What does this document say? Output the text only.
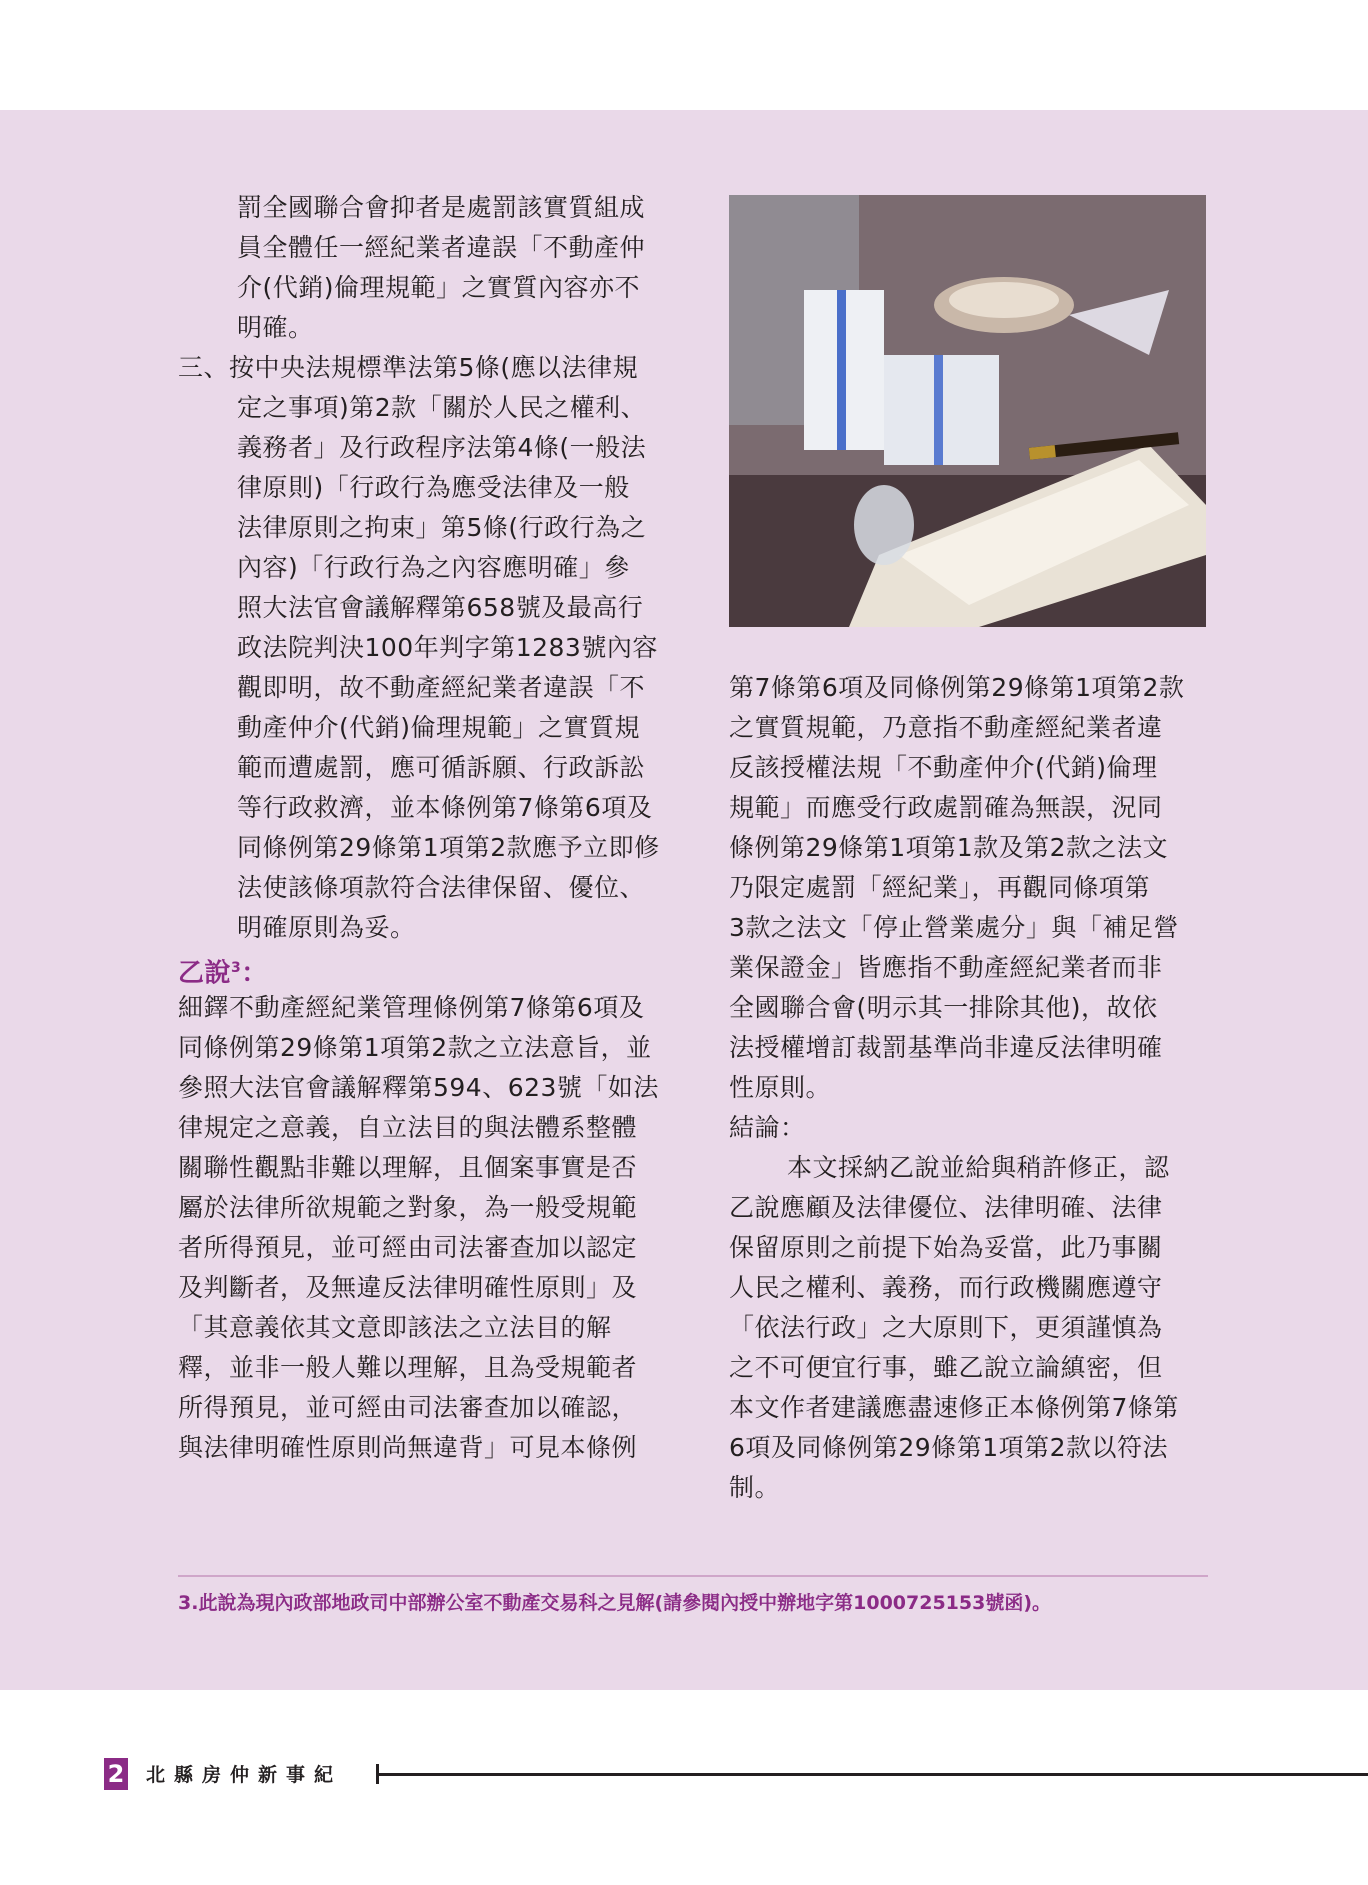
罰全國聯合會抑者是處罰該實質組成
員全體任一經紀業者違誤「不動產仲
介(代銷)倫理規範」之實質內容亦不
明確。
三、按中央法規標準法第5條(應以法律規
定之事項)第2款「關於人民之權利、
義務者」及行政程序法第4條(一般法
律原則)「行政行為應受法律及一般
法律原則之拘束」第5條(行政行為之
內容)「行政行為之內容應明確」參
照大法官會議解釋第658號及最高行
政法院判決100年判字第1283號內容
觀即明，故不動產經紀業者違誤「不
動產仲介(代銷)倫理規範」之實質規
範而遭處罰，應可循訴願、行政訴訟
等行政救濟，並本條例第7條第6項及
同條例第29條第1項第2款應予立即修
法使該條項款符合法律保留、優位、
明確原則為妥。
乙說$^3$：
細鐸不動產經紀業管理條例第7條第6項及
同條例第29條第1項第2款之立法意旨，並
參照大法官會議解釋第594、623號「如法
律規定之意義，自立法目的與法體系整體
關聯性觀點非難以理解，且個案事實是否
屬於法律所欲規範之對象，為一般受規範
者所得預見，並可經由司法審查加以認定
及判斷者，及無違反法律明確性原則」及
「其意義依其文意即該法之立法目的解
釋，並非一般人難以理解，且為受規範者
所得預見，並可經由司法審查加以確認，
與法律明確性原則尚無違背」可見本條例
第7條第6項及同條例第29條第1項第2款
之實質規範，乃意指不動產經紀業者違
反該授權法規「不動產仲介(代銷)倫理
規範」而應受行政處罰確為無誤，況同
條例第29條第1項第1款及第2款之法文
乃限定處罰「經紀業」，再觀同條項第
3款之法文「停止營業處分」與「補足營
業保證金」皆應指不動產經紀業者而非
全國聯合會(明示其一排除其他)，故依
法授權增訂裁罰基準尚非違反法律明確
性原則。
結論：
本文採納乙說並給與稍許修正，認
乙說應顧及法律優位、法律明確、法律
保留原則之前提下始為妥當，此乃事關
人民之權利、義務，而行政機關應遵守
「依法行政」之大原則下，更須謹慎為
之不可便宜行事，雖乙說立論縝密，但
本文作者建議應盡速修正本條例第7條第
6項及同條例第29條第1項第2款以符法
制。
3.此說為現內政部地政司中部辦公室不動產交易科之見解(請參閱內授中辦地字第1000725153號函)。
2 北縣房仲新事紀
